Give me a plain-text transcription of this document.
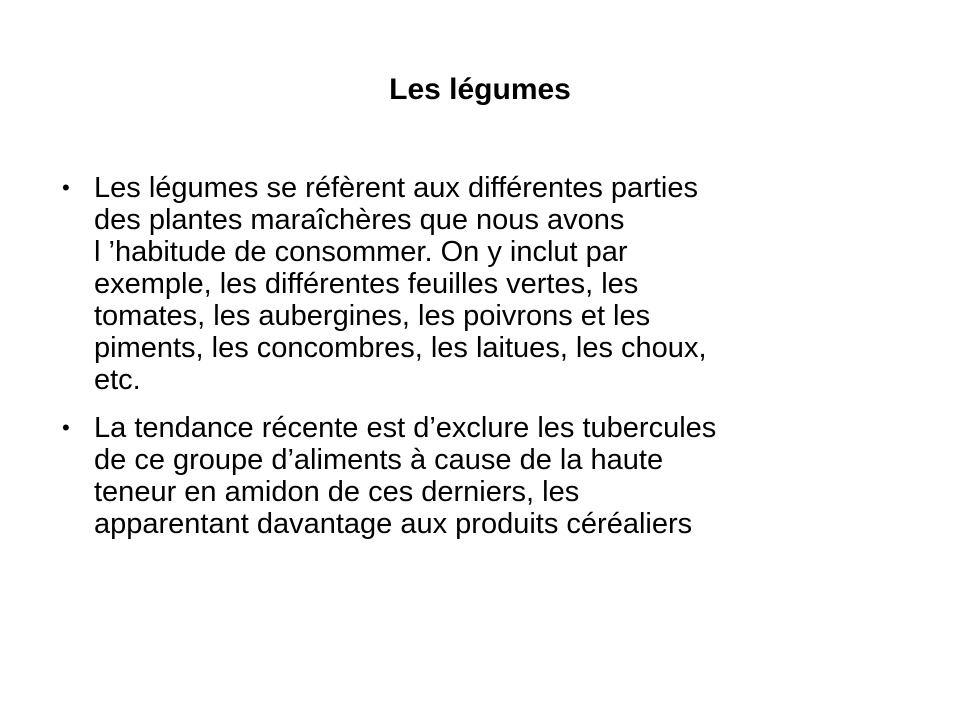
Les légumes
• Les légumes se réfèrent aux différentes parties
des plantes maraîchères que nous avons
l ’habitude de consommer. On y inclut par
exemple, les différentes feuilles vertes, les
tomates, les aubergines, les poivrons et les
piments, les concombres, les laitues, les choux,
etc.
• La tendance récente est d’exclure les tubercules
de ce groupe d’aliments à cause de la haute
teneur en amidon de ces derniers, les
apparentant davantage aux produits céréaliers
